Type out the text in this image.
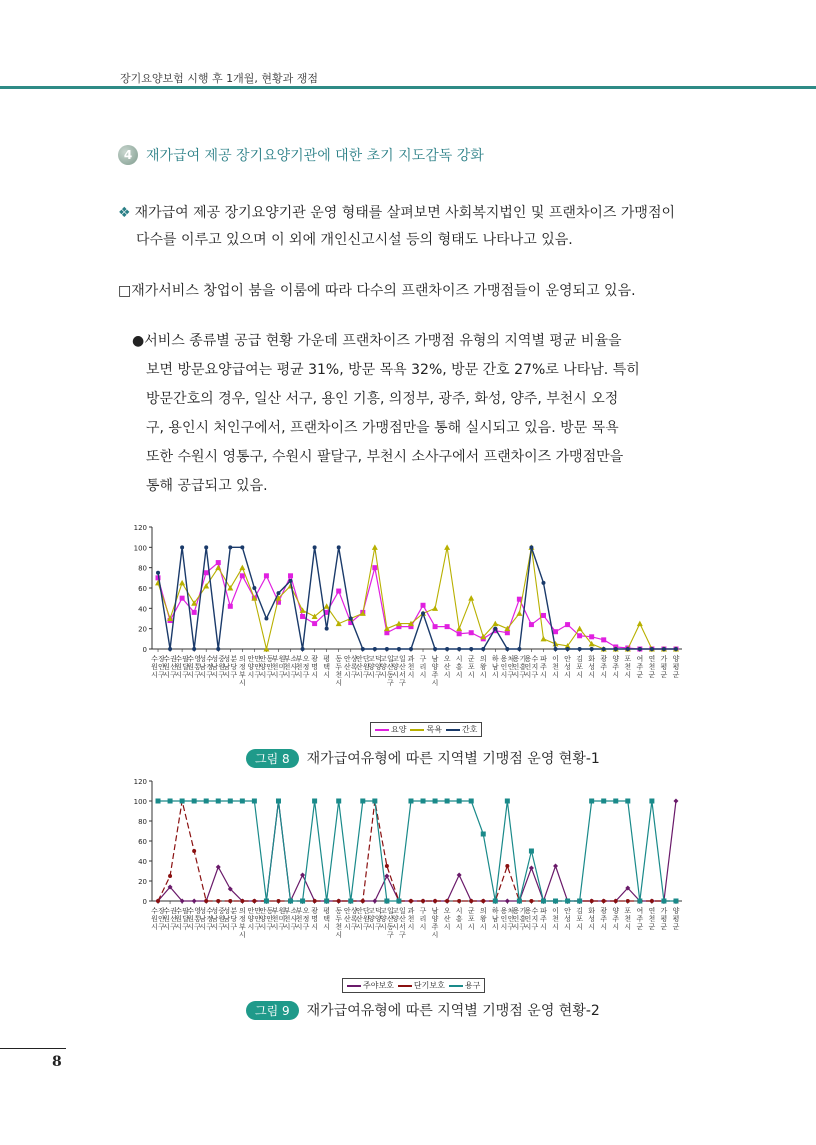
장기요양보험 시행 후 1개월, 현황과 쟁점
4 재가급여 제공 장기요양기관에 대한 초기 지도감독 강화
❖ 재가급여 제공 장기요양기관 운영 형태를 살펴보면 사회복지법인 및 프랜차이즈 가맹점이
다수를 이루고 있으며 이 외에 개인신고시설 등의 형태도 나타나고 있음.
□재가서비스 창업이 붐을 이룸에 따라 다수의 프랜차이즈 가맹점들이 운영되고 있음.
●서비스 종류별 공급 현황 가운데 프랜차이즈 가맹점 유형의 지역별 평균 비율을
보면 방문요양급여는 평균 31%, 방문 목욕 32%, 방문 간호 27%로 나타남. 특히
방문간호의 경우, 일산 서구, 용인 기흥, 의정부, 광주, 화성, 양주, 부천시 오정
구, 용인시 처인구에서, 프랜차이즈 가맹점만을 통해 실시되고 있음. 방문 목욕
또한 수원시 영통구, 수원시 팔달구, 부천시 소사구에서 프랜차이즈 가맹점만을
통해 공급되고 있음.
0
20
40
60
80
100
120
수 원 시
장 안 구
수 원 시
권 선 구
수 원 시
팔 달 구
수 원 시
영 통 구
성 남 시
수 정 구
성 남 시
중 원 구
성 남 시
분 당 구
의 정 부 시
안 양 시
만 안 구
안 양 시
동 안 구
부 천 시
원 미 구
부 천 시
소 사 구
부 천 시
오 정 구
광 명 시
평 택 시
동 두 천 시
안 산 시
상 록 구
안 산 시
단 원 구
고 양 시
덕 양 구
고 양 시
일 산 동 구
고 양 시
일 산 서 구
과 천 시
구 리 시
남 양 주 시
오 산 시
시 흥 시
군 포 시
의 왕 시
하 남 시
용 인 시
처 인 구
용 인 시
기 흥 구
용 인 시
수 지 구
파 주 시
이 천 시
안 성 시
김 포 시
화 성 시
광 주 시
양 주 시
포 천 시
여 주 군
연 천 군
가 평 군
양 평 군
요양	목욕	간호
그림 8	재가급여유형에 따른 지역별 기맹점 운영 현황-1
0
20
40
60
80
100
120
수 원 시
장 안 구
수 원 시
권 선 구
수 원 시
팔 달 구
수 원 시
영 통 구
성 남 시
수 정 구
성 남 시
중 원 구
성 남 시
분 당 구
의 정 부 시
안 양 시
만 안 구
안 양 시
동 안 구
부 천 시
원 미 구
부 천 시
소 사 구
부 천 시
오 정 구
광 명 시
평 택 시
동 두 천 시
안 산 시
상 록 구
안 산 시
단 원 구
고 양 시
덕 양 구
고 양 시
일 산 동 구
고 양 시
일 산 서 구
과 천 시
구 리 시
남 양 주 시
오 산 시
시 흥 시
군 포 시
의 왕 시
하 남 시
용 인 시
처 인 구
용 인 시
기 흥 구
용 인 시
수 지 구
파 주 시
이 천 시
안 성 시
김 포 시
화 성 시
광 주 시
양 주 시
포 천 시
여 주 군
연 천 군
가 평 군
양 평 군
주야보호	단기보호	용구
그림 9	재가급여유형에 따른 지역별 기맹점 운영 현황-2
8
